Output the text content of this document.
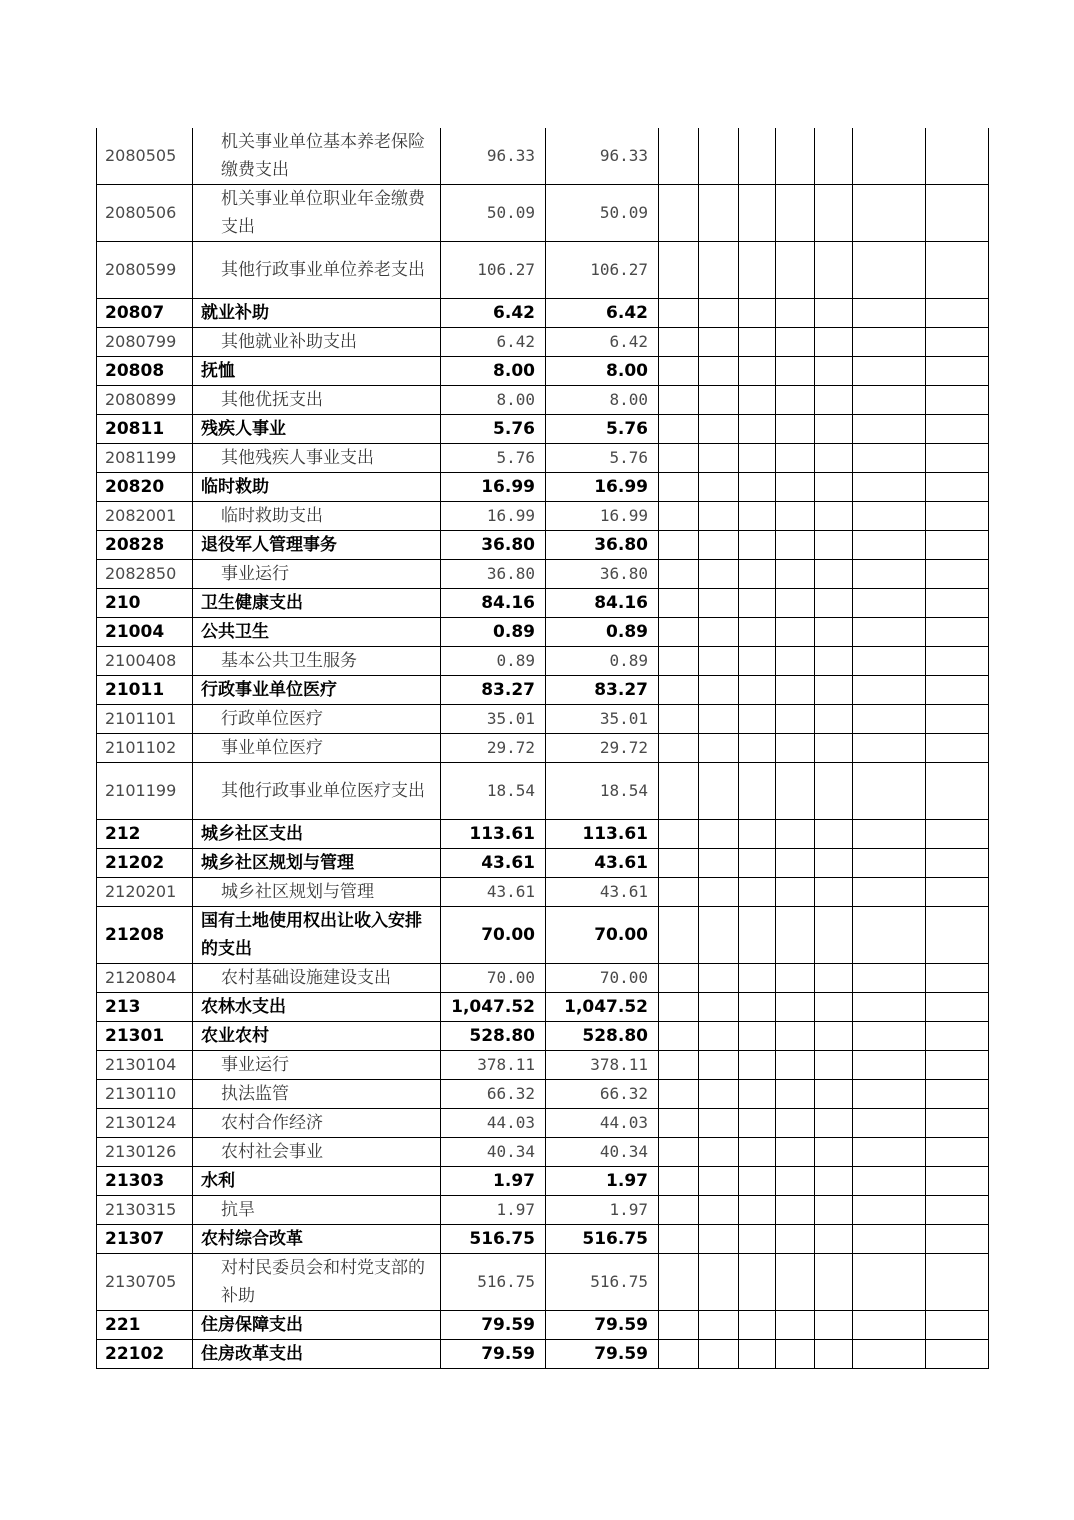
2080505	机关事业单位基本养老保险缴费支出	96.33	96.33							
2080506	机关事业单位职业年金缴费支出	50.09	50.09							
2080599	其他行政事业单位养老支出	106.27	106.27							
20807	就业补助	6.42	6.42							
2080799	其他就业补助支出	6.42	6.42							
20808	抚恤	8.00	8.00							
2080899	其他优抚支出	8.00	8.00							
20811	残疾人事业	5.76	5.76							
2081199	其他残疾人事业支出	5.76	5.76							
20820	临时救助	16.99	16.99							
2082001	临时救助支出	16.99	16.99							
20828	退役军人管理事务	36.80	36.80							
2082850	事业运行	36.80	36.80							
210	卫生健康支出	84.16	84.16							
21004	公共卫生	0.89	0.89							
2100408	基本公共卫生服务	0.89	0.89							
21011	行政事业单位医疗	83.27	83.27							
2101101	行政单位医疗	35.01	35.01							
2101102	事业单位医疗	29.72	29.72							
2101199	其他行政事业单位医疗支出	18.54	18.54							
212	城乡社区支出	113.61	113.61							
21202	城乡社区规划与管理	43.61	43.61							
2120201	城乡社区规划与管理	43.61	43.61							
21208	国有土地使用权出让收入安排的支出	70.00	70.00							
2120804	农村基础设施建设支出	70.00	70.00							
213	农林水支出	1,047.52	1,047.52							
21301	农业农村	528.80	528.80							
2130104	事业运行	378.11	378.11							
2130110	执法监管	66.32	66.32							
2130124	农村合作经济	44.03	44.03							
2130126	农村社会事业	40.34	40.34							
21303	水利	1.97	1.97							
2130315	抗旱	1.97	1.97							
21307	农村综合改革	516.75	516.75							
2130705	对村民委员会和村党支部的补助	516.75	516.75							
221	住房保障支出	79.59	79.59							
22102	住房改革支出	79.59	79.59							
